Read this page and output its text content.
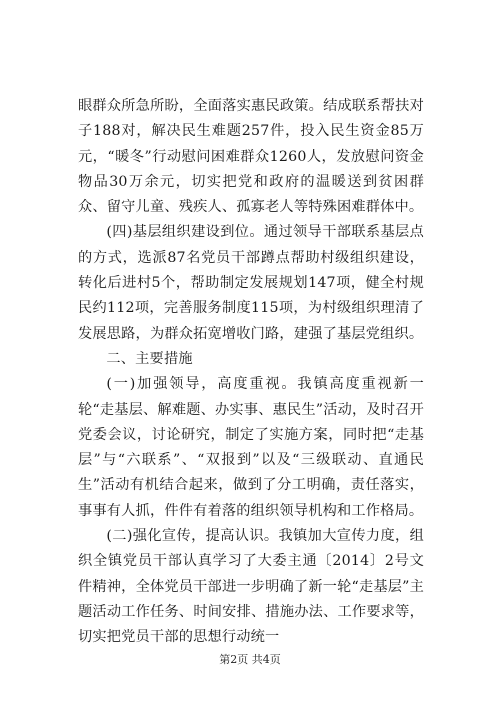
眼群众所急所盼，全面落实惠民政策。结成联系帮扶对子188对，解决民生难题257件，投入民生资金85万元，“暖冬”行动慰问困难群众1260人，发放慰问资金物品30万余元，切实把党和政府的温暖送到贫困群众、留守儿童、残疾人、孤寡老人等特殊困难群体中。

(四)基层组织建设到位。通过领导干部联系基层点的方式，选派87名党员干部蹲点帮助村级组织建设，转化后进村5个，帮助制定发展规划147项，健全村规民约112项，完善服务制度115项，为村级组织理清了发展思路，为群众拓宽增收门路，建强了基层党组织。

二、主要措施

(一)加强领导，高度重视。我镇高度重视新一轮“走基层、解难题、办实事、惠民生”活动，及时召开党委会议，讨论研究，制定了实施方案，同时把“走基层”与“六联系”、“双报到”以及“三级联动、直通民生”活动有机结合起来，做到了分工明确，责任落实，事事有人抓，件件有着落的组织领导机构和工作格局。

(二)强化宣传，提高认识。我镇加大宣传力度，组织全镇党员干部认真学习了大委主通〔2014〕2号文件精神，全体党员干部进一步明确了新一轮“走基层”主题活动工作任务、时间安排、措施办法、工作要求等，切实把党员干部的思想行动统一

第2页 共4页
